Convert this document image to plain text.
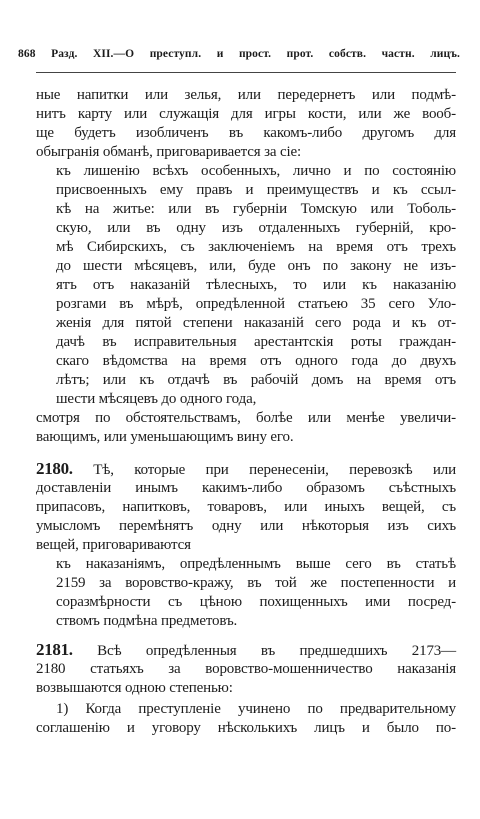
868 Разд. XII.—О преступл. и прост. прот. собств. частн. лицъ.
ные напитки или зелья, или передернетъ или подмѣ-
нитъ карту или служащія для игры кости, или же вооб-
ще будетъ изобличенъ въ какомъ-либо другомъ для
обыгранія обманѣ, приговаривается за сіе:
къ лишенію всѣхъ особенныхъ, лично и по состоянію
присвоенныхъ ему правъ и преимуществъ и къ ссыл-
кѣ на житье: или въ губерніи Томскую или Тоболь-
скую, или въ одну изъ отдаленныхъ губерній, кро-
мѣ Сибирскихъ, съ заключеніемъ на время отъ трехъ
до шести мѣсяцевъ, или, буде онъ по закону не изъ-
ятъ отъ наказаній тѣлесныхъ, то или къ наказанію
розгами въ мѣрѣ, опредѣленной статьею 35 сего Уло-
женія для пятой степени наказаній сего рода и къ от-
дачѣ въ исправительныя арестантскія роты граждан-
скаго вѣдомства на время отъ одного года до двухъ
лѣтъ; или къ отдачѣ въ рабочій домъ на время отъ
шести мѣсяцевъ до одного года,
смотря по обстоятельствамъ, болѣе или менѣе увеличи-
вающимъ, или уменьшающимъ вину его.
2180. Тѣ, которые при перенесеніи, перевозкѣ или
доставленіи инымъ какимъ-либо образомъ съѣстныхъ
припасовъ, напитковъ, товаровъ, или иныхъ вещей, съ
умысломъ перемѣнятъ одну или нѣкоторыя изъ сихъ
вещей, приговариваются
къ наказаніямъ, опредѣленнымъ выше сего въ статьѣ
2159 за воровство-кражу, въ той же постепенности и
соразмѣрности съ цѣною похищенныхъ ими посред-
ствомъ подмѣна предметовъ.
2181. Всѣ опредѣленныя въ предшедшихъ 2173—
2180 статьяхъ за воровство-мошенничество наказанія
возвышаются одною степенью:
1) Когда преступленіе учинено по предварительному
соглашенію и уговору нѣсколькихъ лицъ и было по-
